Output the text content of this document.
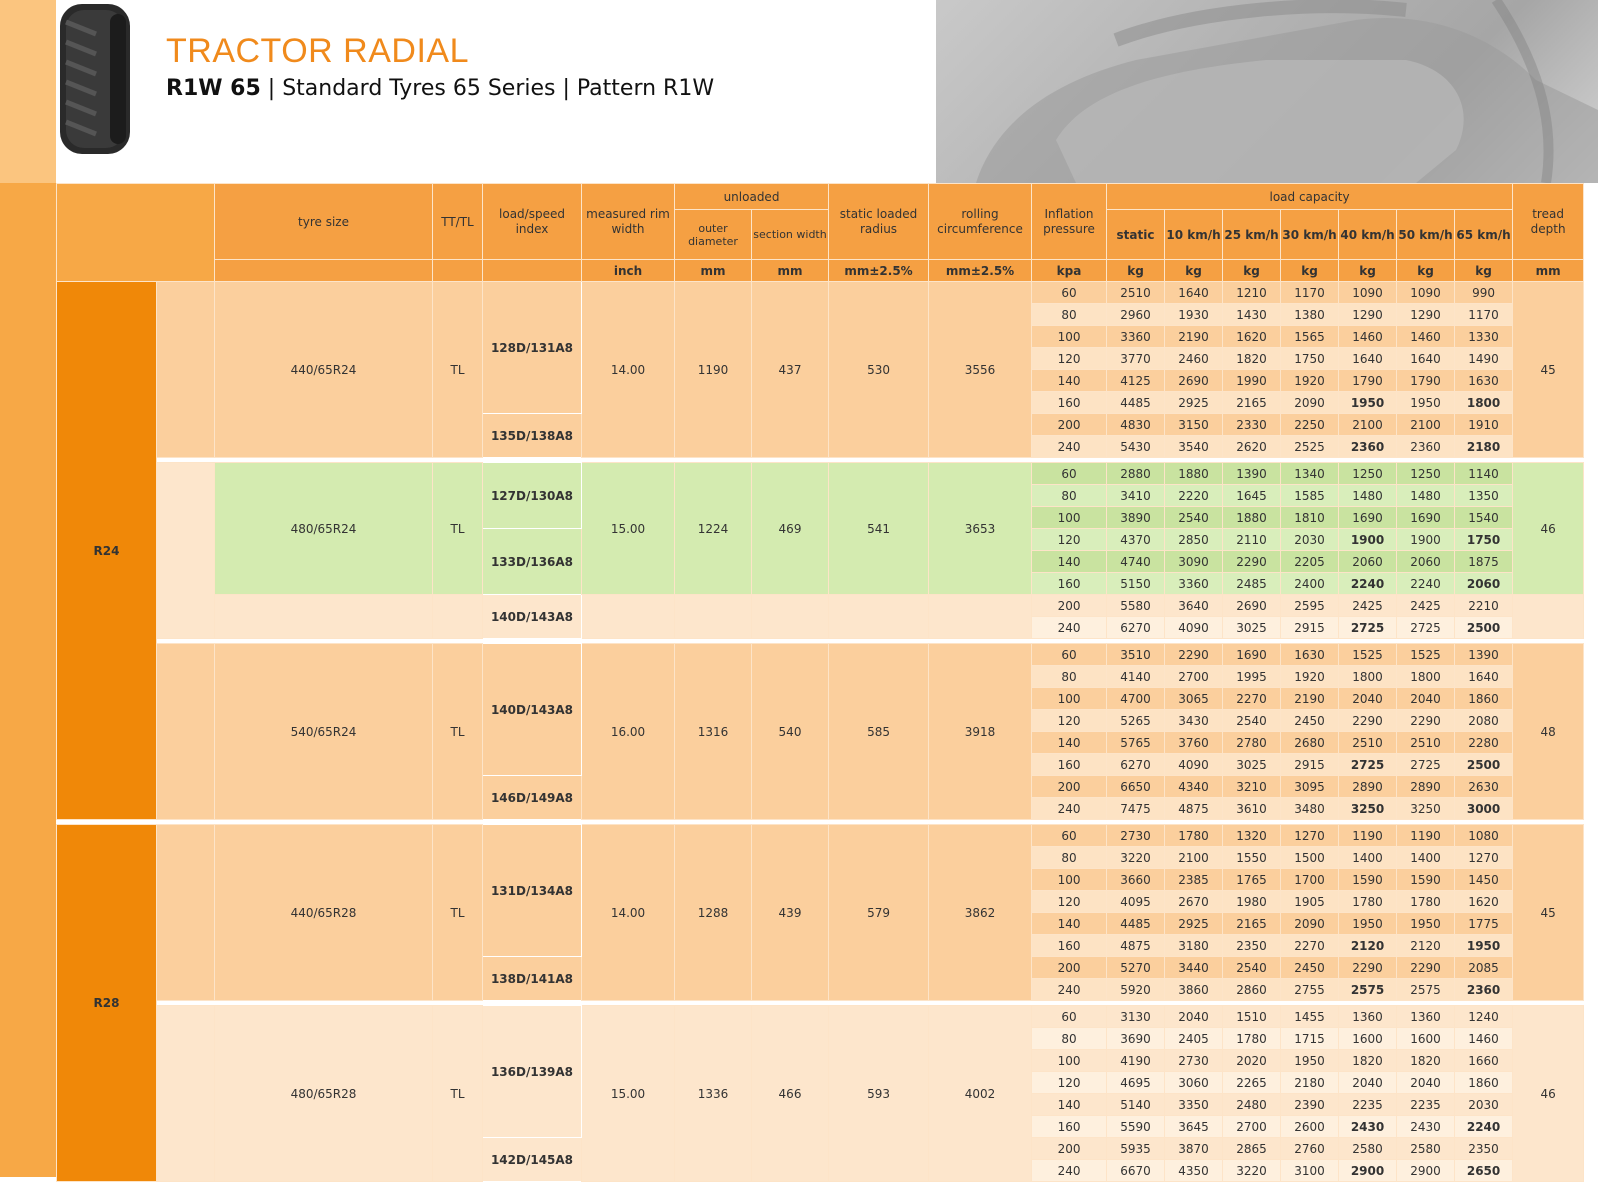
TRACTOR RADIAL
R1W 65 | Standard Tyres 65 Series | Pattern R1W
		tyre size	TT/TL	load/speed index	measured rim width	unloaded		static loaded radius	rolling circumference	Inflation pressure	load capacity							tread depth
						outer diameter	section width				static	10 km/h	25 km/h	30 km/h	40 km/h	50 km/h	65 km/h	
					inch	mm	mm	mm±2.5%	mm±2.5%	kpa	kg	kg	kg	kg	kg	kg	kg	mm
R24		440/65R24	TL	128D/131A8	14.00	1190	437	530	3556	60	2510	1640	1210	1170	1090	1090	990	45
										80	2960	1930	1430	1380	1290	1290	1170	
										100	3360	2190	1620	1565	1460	1460	1330	
										120	3770	2460	1820	1750	1640	1640	1490	
										140	4125	2690	1990	1920	1790	1790	1630	
										160	4485	2925	2165	2090	1950	1950	1800	
				135D/138A8						200	4830	3150	2330	2250	2100	2100	1910	
										240	5430	3540	2620	2525	2360	2360	2180	

		480/65R24	TL	127D/130A8	15.00	1224	469	541	3653	60	2880	1880	1390	1340	1250	1250	1140	46
										80	3410	2220	1645	1585	1480	1480	1350	
										100	3890	2540	1880	1810	1690	1690	1540	
				133D/136A8						120	4370	2850	2110	2030	1900	1900	1750	
										140	4740	3090	2290	2205	2060	2060	1875	
										160	5150	3360	2485	2400	2240	2240	2060	
				140D/143A8						200	5580	3640	2690	2595	2425	2425	2210	
										240	6270	4090	3025	2915	2725	2725	2500	

		540/65R24	TL	140D/143A8	16.00	1316	540	585	3918	60	3510	2290	1690	1630	1525	1525	1390	48
										80	4140	2700	1995	1920	1800	1800	1640	
										100	4700	3065	2270	2190	2040	2040	1860	
										120	5265	3430	2540	2450	2290	2290	2080	
										140	5765	3760	2780	2680	2510	2510	2280	
										160	6270	4090	3025	2915	2725	2725	2500	
				146D/149A8						200	6650	4340	3210	3095	2890	2890	2630	
										240	7475	4875	3610	3480	3250	3250	3000	

R28		440/65R28	TL	131D/134A8	14.00	1288	439	579	3862	60	2730	1780	1320	1270	1190	1190	1080	45
										80	3220	2100	1550	1500	1400	1400	1270	
										100	3660	2385	1765	1700	1590	1590	1450	
										120	4095	2670	1980	1905	1780	1780	1620	
										140	4485	2925	2165	2090	1950	1950	1775	
										160	4875	3180	2350	2270	2120	2120	1950	
				138D/141A8						200	5270	3440	2540	2450	2290	2290	2085	
										240	5920	3860	2860	2755	2575	2575	2360	

		480/65R28	TL	136D/139A8	15.00	1336	466	593	4002	60	3130	2040	1510	1455	1360	1360	1240	46
										80	3690	2405	1780	1715	1600	1600	1460	
										100	4190	2730	2020	1950	1820	1820	1660	
										120	4695	3060	2265	2180	2040	2040	1860	
										140	5140	3350	2480	2390	2235	2235	2030	
										160	5590	3645	2700	2600	2430	2430	2240	
				142D/145A8						200	5935	3870	2865	2760	2580	2580	2350	
										240	6670	4350	3220	3100	2900	2900	2650	
